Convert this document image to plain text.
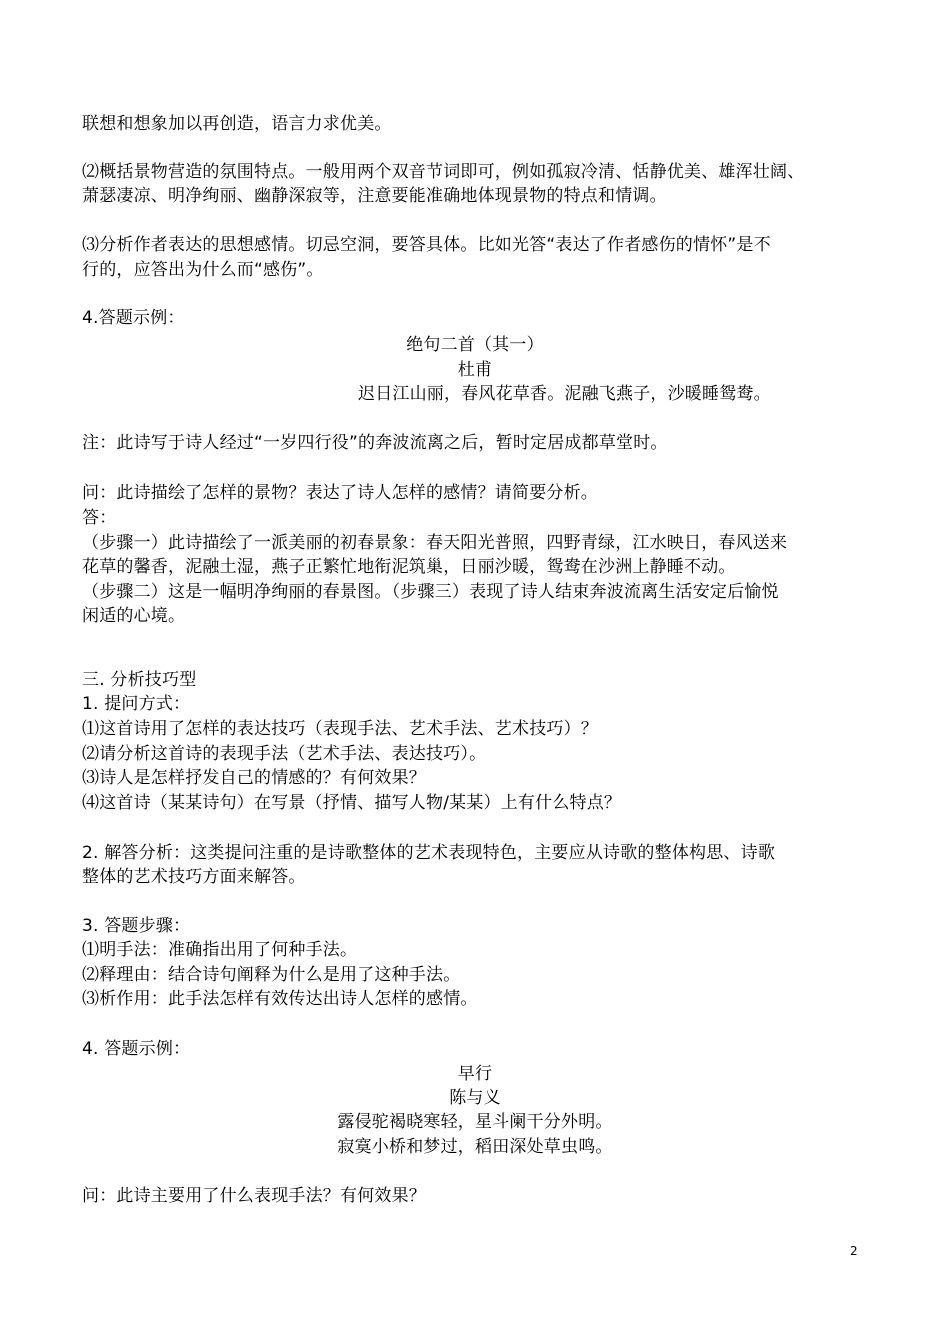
联想和想象加以再创造，语言力求优美。
⑵概括景物营造的氛围特点。一般用两个双音节词即可，例如孤寂冷清、恬静优美、雄浑壮阔、
萧瑟凄凉、明净绚丽、幽静深寂等，注意要能准确地体现景物的特点和情调。
⑶分析作者表达的思想感情。切忌空洞，要答具体。比如光答“表达了作者感伤的情怀”是不
行的，应答出为什么而“感伤”。
4.答题示例：
绝句二首（其一）
杜甫
迟日江山丽，春风花草香。泥融飞燕子，沙暖睡鸳鸯。
注：此诗写于诗人经过“一岁四行役”的奔波流离之后，暂时定居成都草堂时。
问：此诗描绘了怎样的景物？表达了诗人怎样的感情？请简要分析。
答：
（步骤一）此诗描绘了一派美丽的初春景象：春天阳光普照，四野青绿，江水映日，春风送来
花草的馨香，泥融土湿，燕子正繁忙地衔泥筑巢，日丽沙暖，鸳鸯在沙洲上静睡不动。
（步骤二）这是一幅明净绚丽的春景图。（步骤三）表现了诗人结束奔波流离生活安定后愉悦
闲适的心境。
三. 分析技巧型
1. 提问方式：
⑴这首诗用了怎样的表达技巧（表现手法、艺术手法、艺术技巧）？
⑵请分析这首诗的表现手法（艺术手法、表达技巧）。
⑶诗人是怎样抒发自己的情感的？有何效果？
⑷这首诗（某某诗句）在写景（抒情、描写人物/某某）上有什么特点？
2. 解答分析：这类提问注重的是诗歌整体的艺术表现特色，主要应从诗歌的整体构思、诗歌
整体的艺术技巧方面来解答。
3. 答题步骤：
⑴明手法：准确指出用了何种手法。
⑵释理由：结合诗句阐释为什么是用了这种手法。
⑶析作用：此手法怎样有效传达出诗人怎样的感情。
4. 答题示例：
早行
陈与义
露侵驼褐晓寒轻，星斗阑干分外明。
寂寞小桥和梦过，稻田深处草虫鸣。
问：此诗主要用了什么表现手法？有何效果？
2
